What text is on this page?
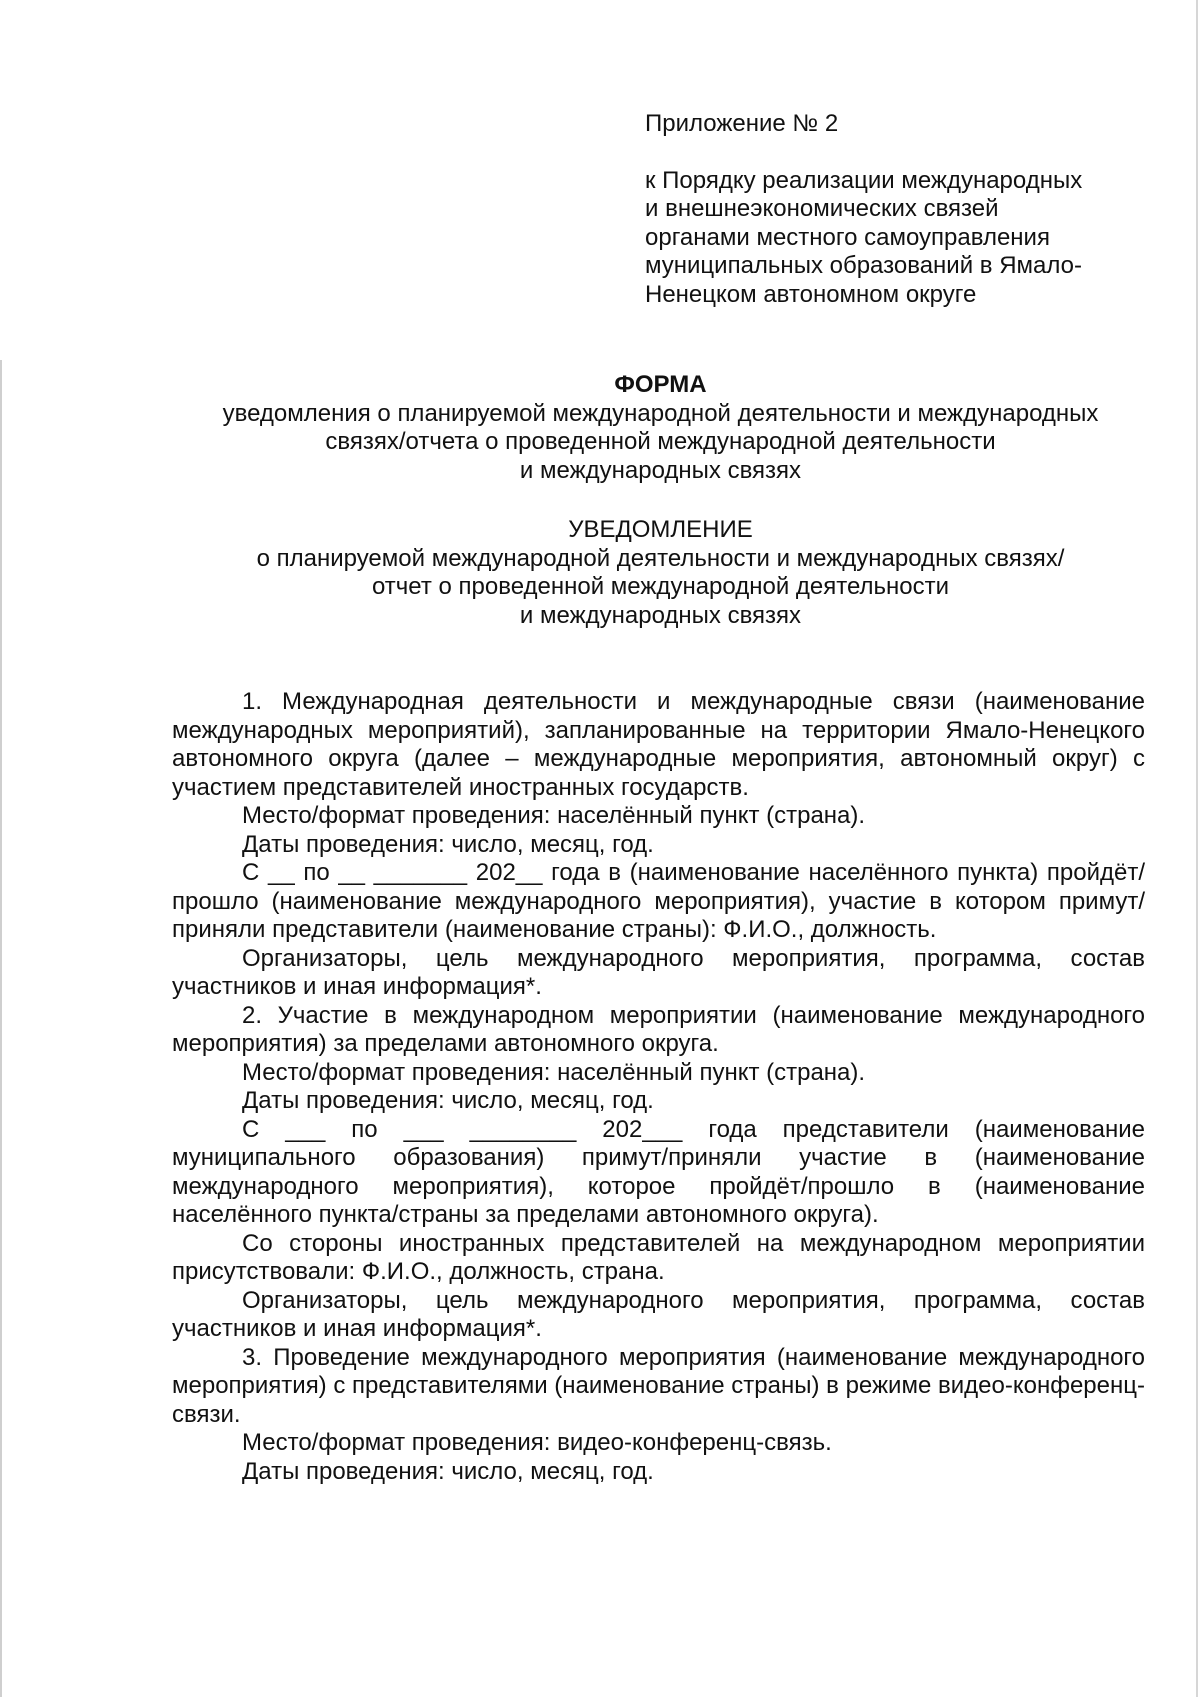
Приложение № 2
к Порядку реализации международных
и внешнеэкономических связей
органами местного самоуправления
муниципальных образований в Ямало-
Ненецком автономном округе
ФОРМА
уведомления о планируемой международной деятельности и международных
связях/отчета о проведенной международной деятельности
и международных связях
УВЕДОМЛЕНИЕ
о планируемой международной деятельности и международных связях/
отчет о проведенной международной деятельности
и международных связях

1. Международная деятельности и международные связи (наименование международных мероприятий), запланированные на территории Ямало-Ненецкого автономного округа (далее – международные мероприятия, автономный округ) с участием представителей иностранных государств.

Место/формат проведения: населённый пункт (страна).

Даты проведения: число, месяц, год.

С __ по __ _______ 202__ года в (наименование населённого пункта) пройдёт/прошло (наименование международного мероприятия), участие в котором примут/приняли представители (наименование страны): Ф.И.О., должность.

Организаторы, цель международного мероприятия, программа, состав участников и иная информация*.

2. Участие в международном мероприятии (наименование международного мероприятия) за пределами автономного округа.

Место/формат проведения: населённый пункт (страна).

Даты проведения: число, месяц, год.

С ___ по ___ ________ 202___ года представители (наименование муниципального образования) примут/приняли участие в (наименование международного мероприятия), которое пройдёт/прошло в (наименование населённого пункта/страны за пределами автономного округа).

Со стороны иностранных представителей на международном мероприятии присутствовали: Ф.И.О., должность, страна.

Организаторы, цель международного мероприятия, программа, состав участников и иная информация*.

3. Проведение международного мероприятия (наименование международного мероприятия) с представителями (наименование страны) в режиме видео-конференц-связи.

Место/формат проведения: видео-конференц-связь.

Даты проведения: число, месяц, год.
